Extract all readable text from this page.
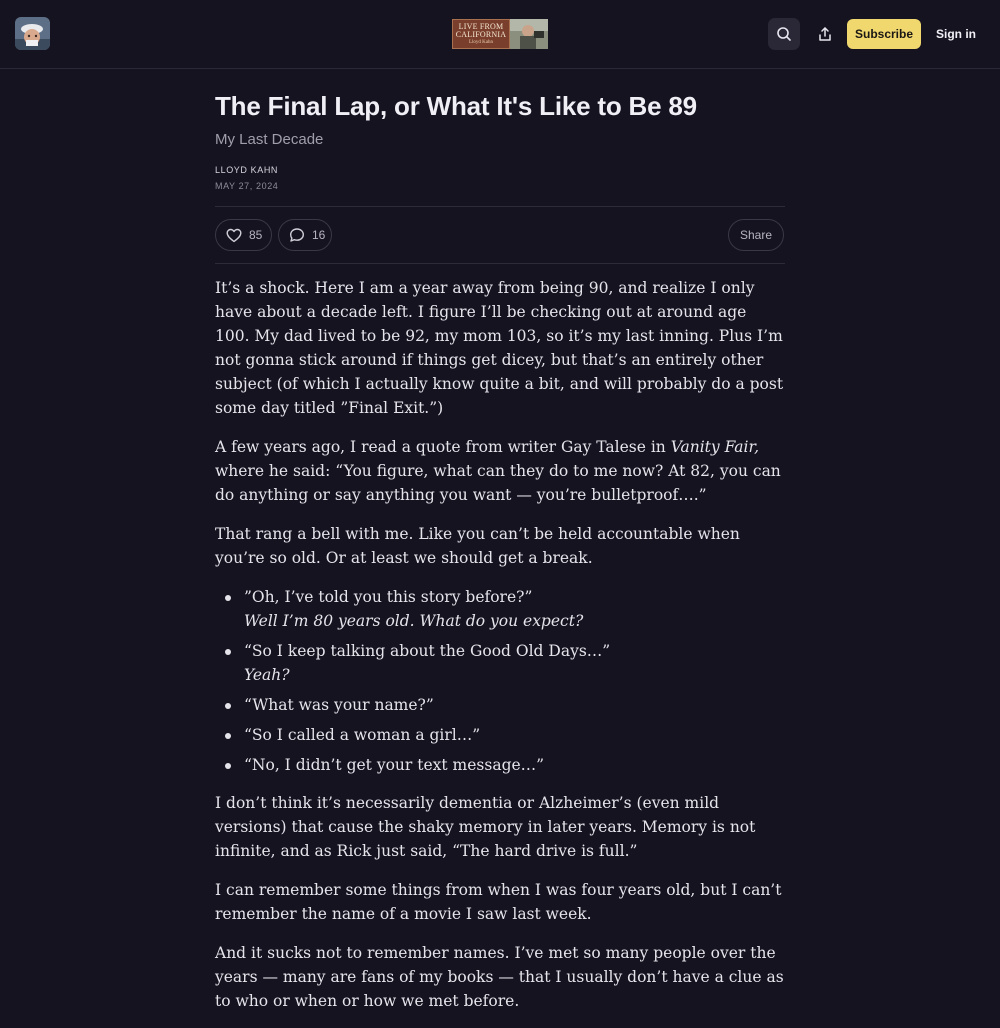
LIVE FROM
CALIFORNIA
Lloyd Kahn
Subscribe	Sign in
The Final Lap, or What It's Like to Be 89
My Last Decade
LLOYD KAHN
MAY 27, 2024
85	16	Share

It’s a shock. Here I am a year away from being 90, and realize I only have about a decade left. I figure I’ll be checking out at around age 100. My dad lived to be 92, my mom 103, so it’s my last inning. Plus I’m not gonna stick around if things get dicey, but that’s an entirely other subject (of which I actually know quite a bit, and will probably do a post some day titled ”Final Exit.”)

A few years ago, I read a quote from writer Gay Talese in Vanity Fair, where he said: “You figure, what can they do to me now? At 82, you can do anything or say anything you want — you’re bulletproof….”

That rang a bell with me. Like you can’t be held accountable when you’re so old. Or at least we should get a break.

”Oh, I’ve told you this story before?”
Well I’m 80 years old. What do you expect?
“So I keep talking about the Good Old Days…”
Yeah?
“What was your name?”
“So I called a woman a girl…”
“No, I didn’t get your text message…”

I don’t think it’s necessarily dementia or Alzheimer’s (even mild versions) that cause the shaky memory in later years. Memory is not infinite, and as Rick just said, “The hard drive is full.”

I can remember some things from when I was four years old, but I can’t remember the name of a movie I saw last week.

And it sucks not to remember names. I’ve met so many people over the years — many are fans of my books — that I usually don’t have a clue as to who or when or how we met before.
